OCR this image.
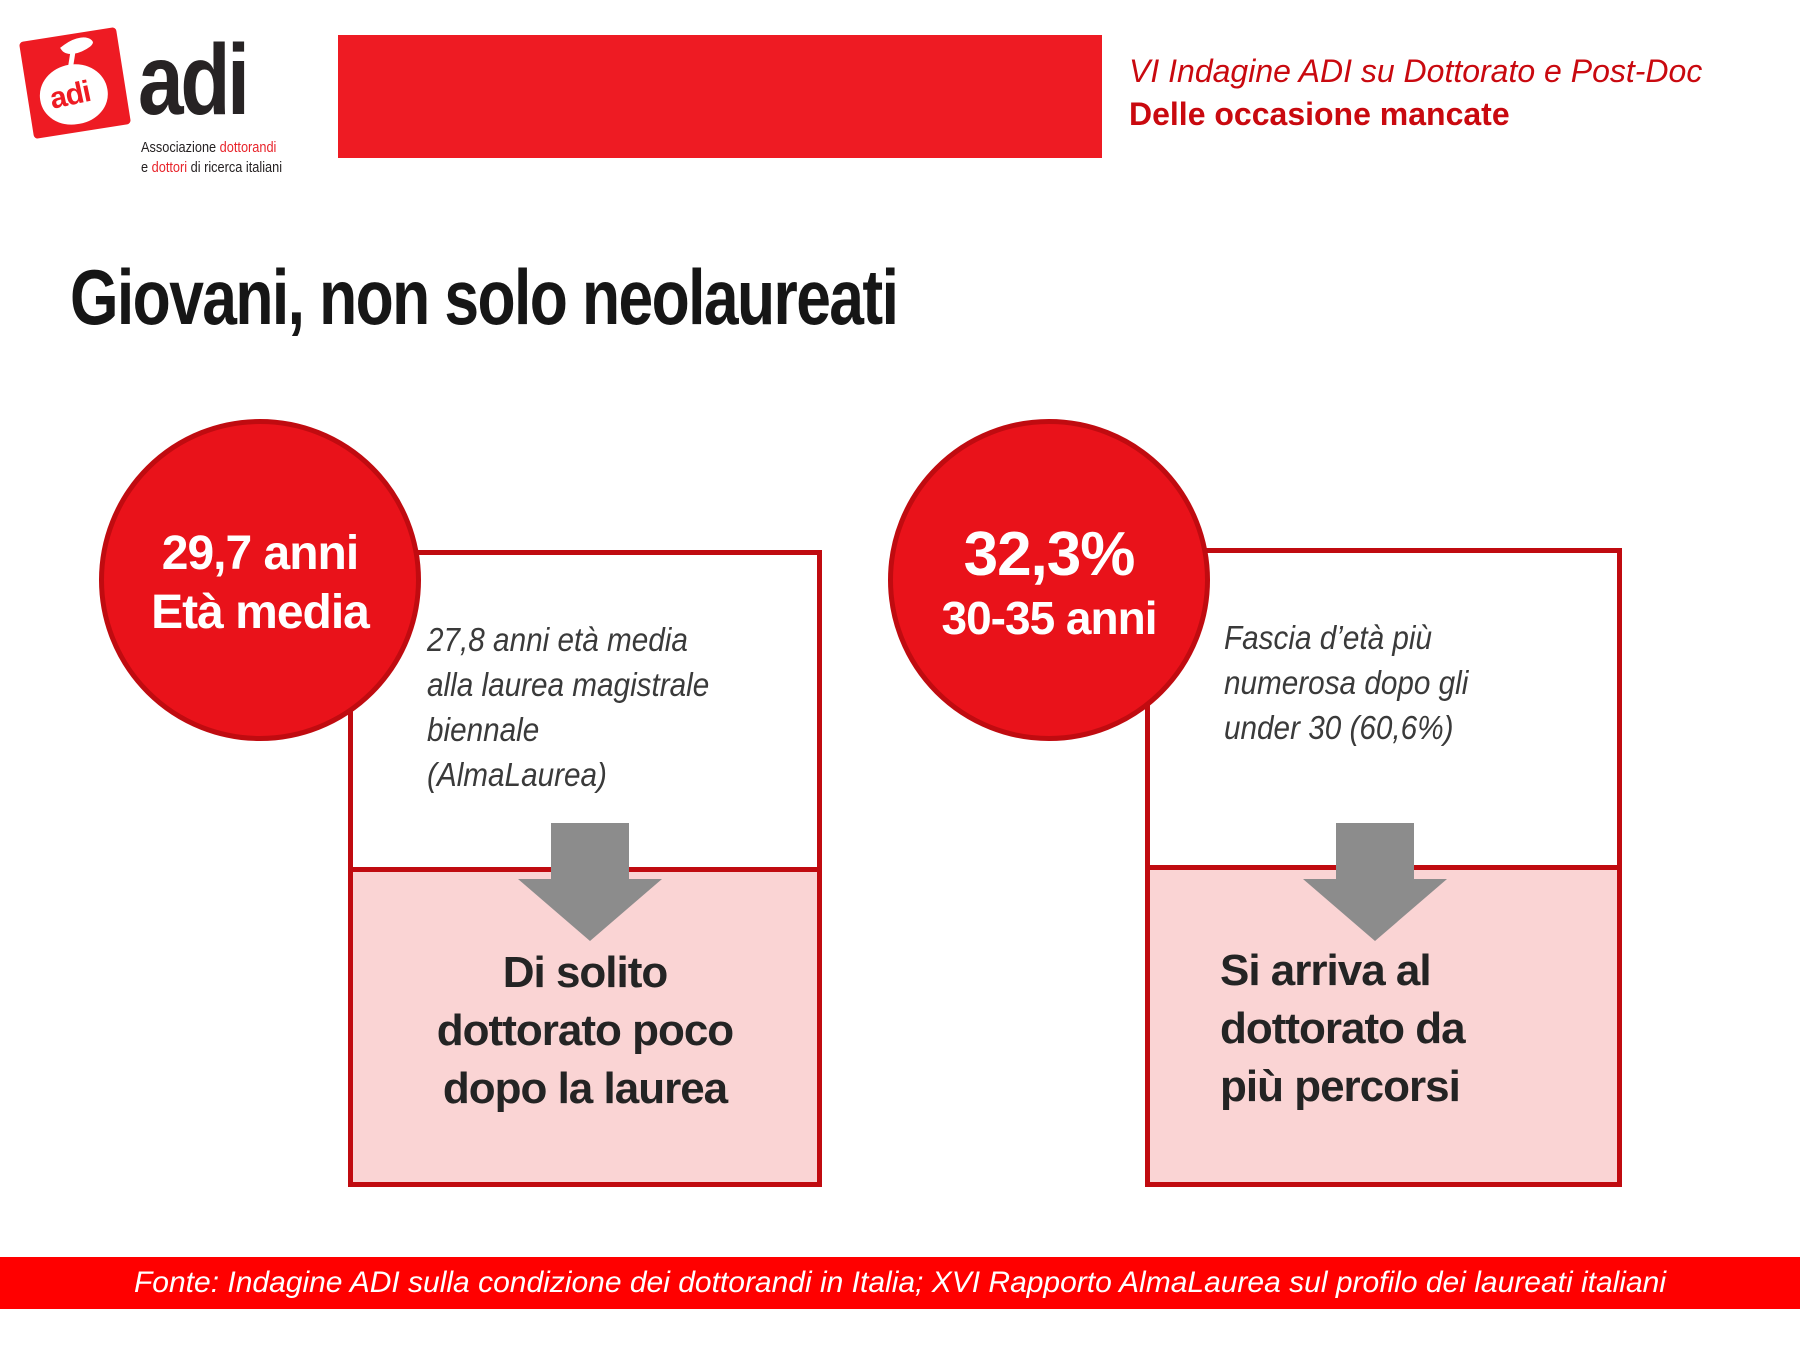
adi adi
Associazione dottorandi
e dottori di ricerca italiani
VI Indagine ADI su Dottorato e Post-Doc
Delle occasione mancate
Giovani, non solo neolaureati
27,8 anni età media
alla laurea magistrale
biennale
(AlmaLaurea)
Di solito
dottorato poco
dopo la laurea
29,7 anni
Età media	Fascia d’età più
numerosa dopo gli
under 30 (60,6%)
Si arriva al
dottorato da
più percorsi
32,3%
30-35 anni
Fonte: Indagine ADI sulla condizione dei dottorandi in Italia; XVI Rapporto AlmaLaurea sul profilo dei laureati italiani
